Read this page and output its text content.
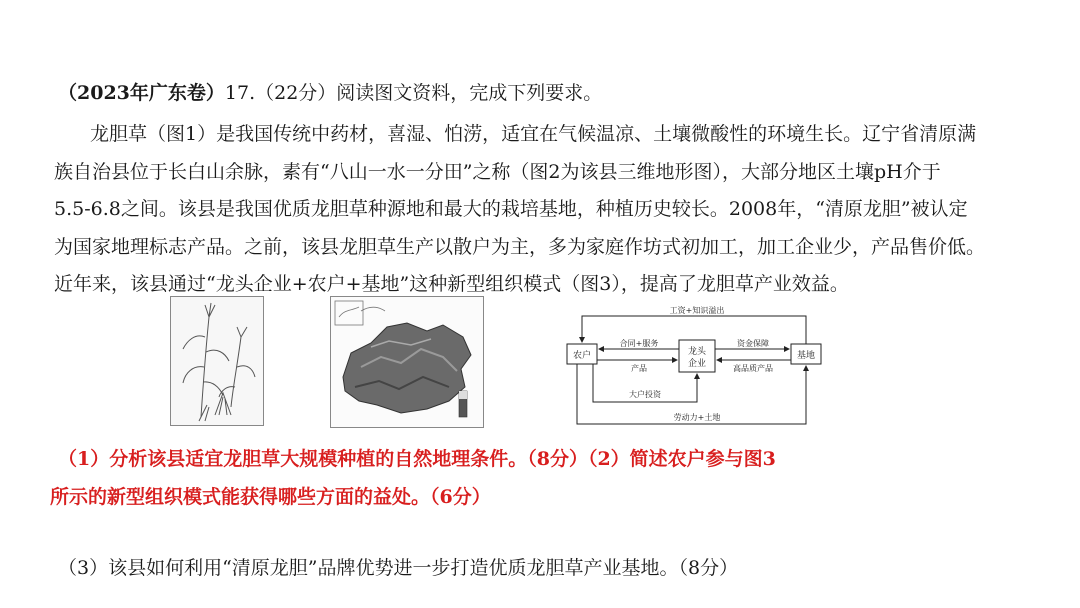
（2023年广东卷）17.（22分）阅读图文资料，完成下列要求。
龙胆草（图1）是我国传统中药材，喜湿、怕涝，适宜在气候温凉、土壤微酸性的环境生长。辽宁省清原满
族自治县位于长白山余脉，素有“八山一水一分田”之称（图2为该县三维地形图），大部分地区土壤pH介于
5.5-6.8之间。该县是我国优质龙胆草种源地和最大的栽培基地，种植历史较长。2008年，“清原龙胆”被认定
为国家地理标志产品。之前，该县龙胆草生产以散户为主，多为家庭作坊式初加工，加工企业少，产品售价低。
近年来，该县通过“龙头企业+农户+基地”这种新型组织模式（图3），提高了龙胆草产业效益。
农户	龙头
企业
基地
工资+知识溢出
合同+服务
产品
资金保障
高品质产品
大户投资
劳动力+土地
（1）分析该县适宜龙胆草大规模种植的自然地理条件。（8分）（2）简述农户参与图3
所示的新型组织模式能获得哪些方面的益处。（6分）
（3）该县如何利用“清原龙胆”品牌优势进一步打造优质龙胆草产业基地。（8分）
